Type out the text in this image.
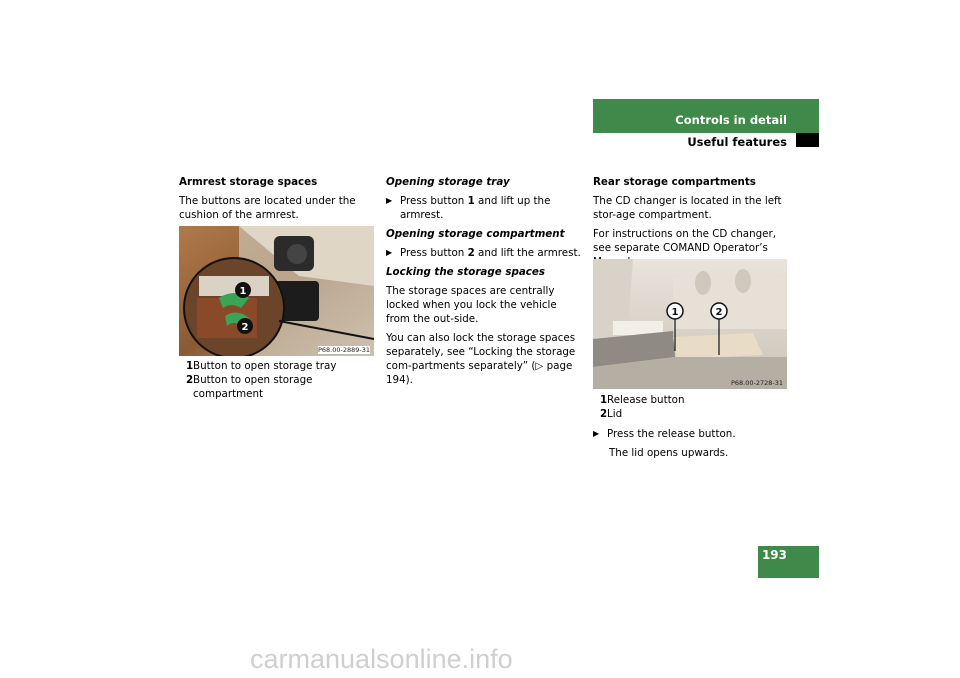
Controls in detail
Useful features

Armrest storage spaces

The buttons are located under the cushion of the armrest.

1
2
P68.00-2889-31
1 Button to open storage tray
2 Button to open storage compartment

Opening storage tray

▶ Press button 1 and lift up the armrest.

Opening storage compartment

▶ Press button 2 and lift the armrest.

Locking the storage spaces

The storage spaces are centrally locked when you lock the vehicle from the out-side.

You can also lock the storage spaces separately, see “Locking the storage com-partments separately” (▷ page 194).

Rear storage compartments

The CD changer is located in the left stor-age compartment.

For instructions on the CD changer, see separate COMAND Operator’s

1	2
P68.00-2728-31
1 Release button
2 Lid

▶ Press the release button.

The lid opens upwards.

193
carmanualsonline.info
